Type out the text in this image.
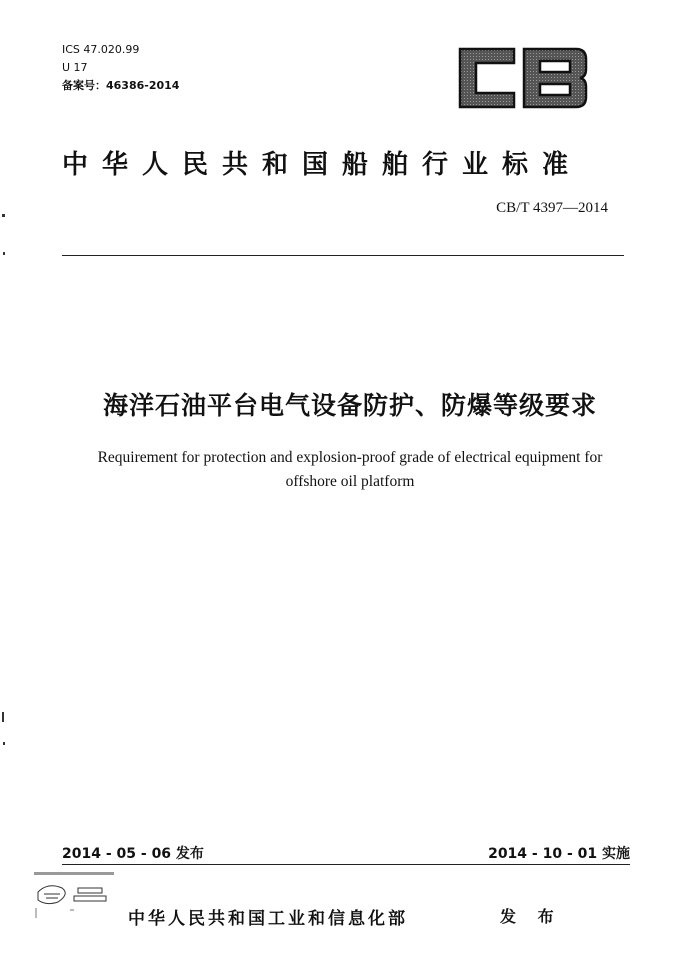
ICS 47.020.99
U 17
备案号：46386-2014
中华人民共和国船舶行业标准
CB/T 4397—2014
海洋石油平台电气设备防护、防爆等级要求
Requirement for protection and explosion-proof grade of electrical equipment for
offshore oil platform
2014 - 05 - 06 发布	2014 - 10 - 01 实施
中华人民共和国工业和信息化部	发 布
